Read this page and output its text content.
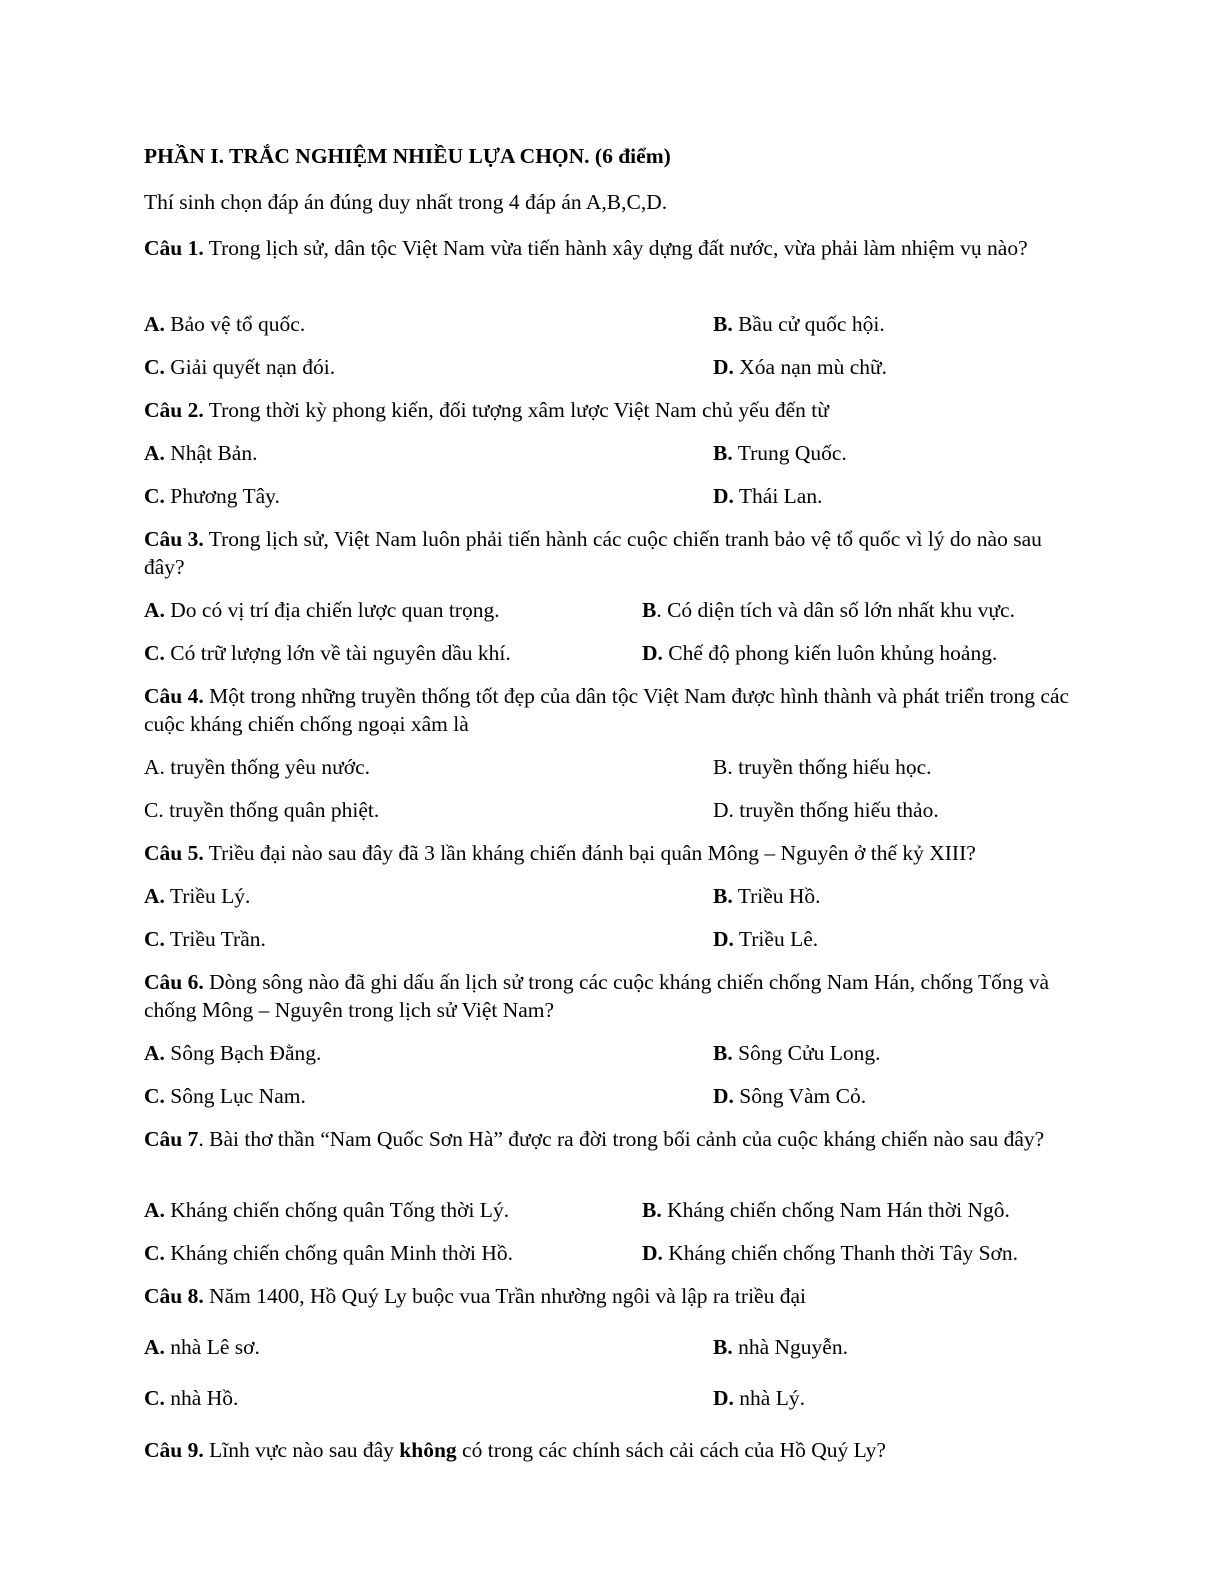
PHẦN I. TRẮC NGHIỆM NHIỀU LỰA CHỌN. (6 điểm)
Thí sinh chọn đáp án đúng duy nhất trong 4 đáp án A,B,C,D.
Câu 1. Trong lịch sử, dân tộc Việt Nam vừa tiến hành xây dựng đất nước, vừa phải làm nhiệm vụ nào?
A. Bảo vệ tổ quốc.	B. Bầu cử quốc hội.
C. Giải quyết nạn đói.	D. Xóa nạn mù chữ.
Câu 2. Trong thời kỳ phong kiến, đối tượng xâm lược Việt Nam chủ yếu đến từ
A. Nhật Bản.	B. Trung Quốc.
C. Phương Tây.	D. Thái Lan.
Câu 3. Trong lịch sử, Việt Nam luôn phải tiến hành các cuộc chiến tranh bảo vệ tổ quốc vì lý do nào sau đây?
A. Do có vị trí địa chiến lược quan trọng.	B. Có diện tích và dân số lớn nhất khu vực.
C. Có trữ lượng lớn về tài nguyên dầu khí.	D. Chế độ phong kiến luôn khủng hoảng.
Câu 4. Một trong những truyền thống tốt đẹp của dân tộc Việt Nam được hình thành và phát triển trong các cuộc kháng chiến chống ngoại xâm là
A. truyền thống yêu nước.	B. truyền thống hiếu học.
C. truyền thống quân phiệt.	D. truyền thống hiếu thảo.
Câu 5. Triều đại nào sau đây đã 3 lần kháng chiến đánh bại quân Mông – Nguyên ở thế kỷ XIII?
A. Triều Lý.	B. Triều Hồ.
C. Triều Trần.	D. Triều Lê.
Câu 6. Dòng sông nào đã ghi dấu ấn lịch sử trong các cuộc kháng chiến chống Nam Hán, chống Tống và chống Mông – Nguyên trong lịch sử Việt Nam?
A. Sông Bạch Đằng.	B. Sông Cửu Long.
C. Sông Lục Nam.	D. Sông Vàm Cỏ.
Câu 7. Bài thơ thần “Nam Quốc Sơn Hà” được ra đời trong bối cảnh của cuộc kháng chiến nào sau đây?
A. Kháng chiến chống quân Tống thời Lý.	B. Kháng chiến chống Nam Hán thời Ngô.
C. Kháng chiến chống quân Minh thời Hồ.	D. Kháng chiến chống Thanh thời Tây Sơn.
Câu 8. Năm 1400, Hồ Quý Ly buộc vua Trần nhường ngôi và lập ra triều đại
A. nhà Lê sơ.	B. nhà Nguyễn.
C. nhà Hồ.	D. nhà Lý.
Câu 9. Lĩnh vực nào sau đây không có trong các chính sách cải cách của Hồ Quý Ly?
